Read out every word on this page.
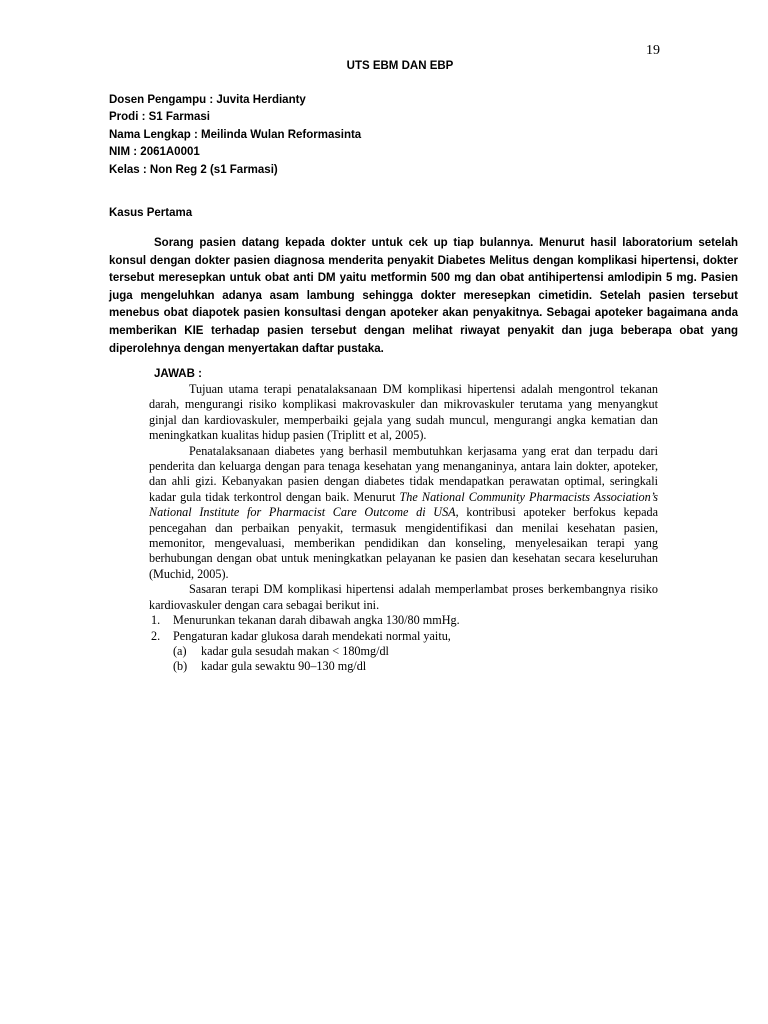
19
UTS EBM DAN EBP
Dosen Pengampu : Juvita Herdianty
Prodi : S1 Farmasi
Nama Lengkap : Meilinda Wulan Reformasinta
NIM : 2061A0001
Kelas : Non Reg 2 (s1 Farmasi)
Kasus Pertama

Sorang pasien datang kepada dokter untuk cek up tiap bulannya. Menurut hasil laboratorium setelah konsul dengan dokter pasien diagnosa menderita penyakit Diabetes Melitus dengan komplikasi hipertensi, dokter tersebut meresepkan untuk obat anti DM yaitu metformin 500 mg dan obat antihipertensi amlodipin 5 mg. Pasien juga mengeluhkan adanya asam lambung sehingga dokter meresepkan cimetidin. Setelah pasien tersebut menebus obat diapotek pasien konsultasi dengan apoteker akan penyakitnya. Sebagai apoteker bagaimana anda memberikan KIE terhadap pasien tersebut dengan melihat riwayat penyakit dan juga beberapa obat yang diperolehnya dengan menyertakan daftar pustaka.

JAWAB :

Tujuan utama terapi penatalaksanaan DM komplikasi hipertensi adalah mengontrol tekanan darah, mengurangi risiko komplikasi makrovaskuler dan mikrovaskuler terutama yang menyangkut ginjal dan kardiovaskuler, memperbaiki gejala yang sudah muncul, mengurangi angka kematian dan meningkatkan kualitas hidup pasien (Triplitt et al, 2005).

Penatalaksanaan diabetes yang berhasil membutuhkan kerjasama yang erat dan terpadu dari penderita dan keluarga dengan para tenaga kesehatan yang menanganinya, antara lain dokter, apoteker, dan ahli gizi. Kebanyakan pasien dengan diabetes tidak mendapatkan perawatan optimal, seringkali kadar gula tidak terkontrol dengan baik. Menurut The National Community Pharmacists Association’s National Institute for Pharmacist Care Outcome di USA, kontribusi apoteker berfokus kepada pencegahan dan perbaikan penyakit, termasuk mengidentifikasi dan menilai kesehatan pasien, memonitor, mengevaluasi, memberikan pendidikan dan konseling, menyelesaikan terapi yang berhubungan dengan obat untuk meningkatkan pelayanan ke pasien dan kesehatan secara keseluruhan (Muchid, 2005).

Sasaran terapi DM komplikasi hipertensi adalah memperlambat proses berkembangnya risiko kardiovaskuler dengan cara sebagai berikut ini.

1. Menurunkan tekanan darah dibawah angka 130/80 mmHg.
2. Pengaturan kadar glukosa darah mendekati normal yaitu,
(a) kadar gula sesudah makan < 180mg/dl
(b) kadar gula sewaktu 90–130 mg/dl
